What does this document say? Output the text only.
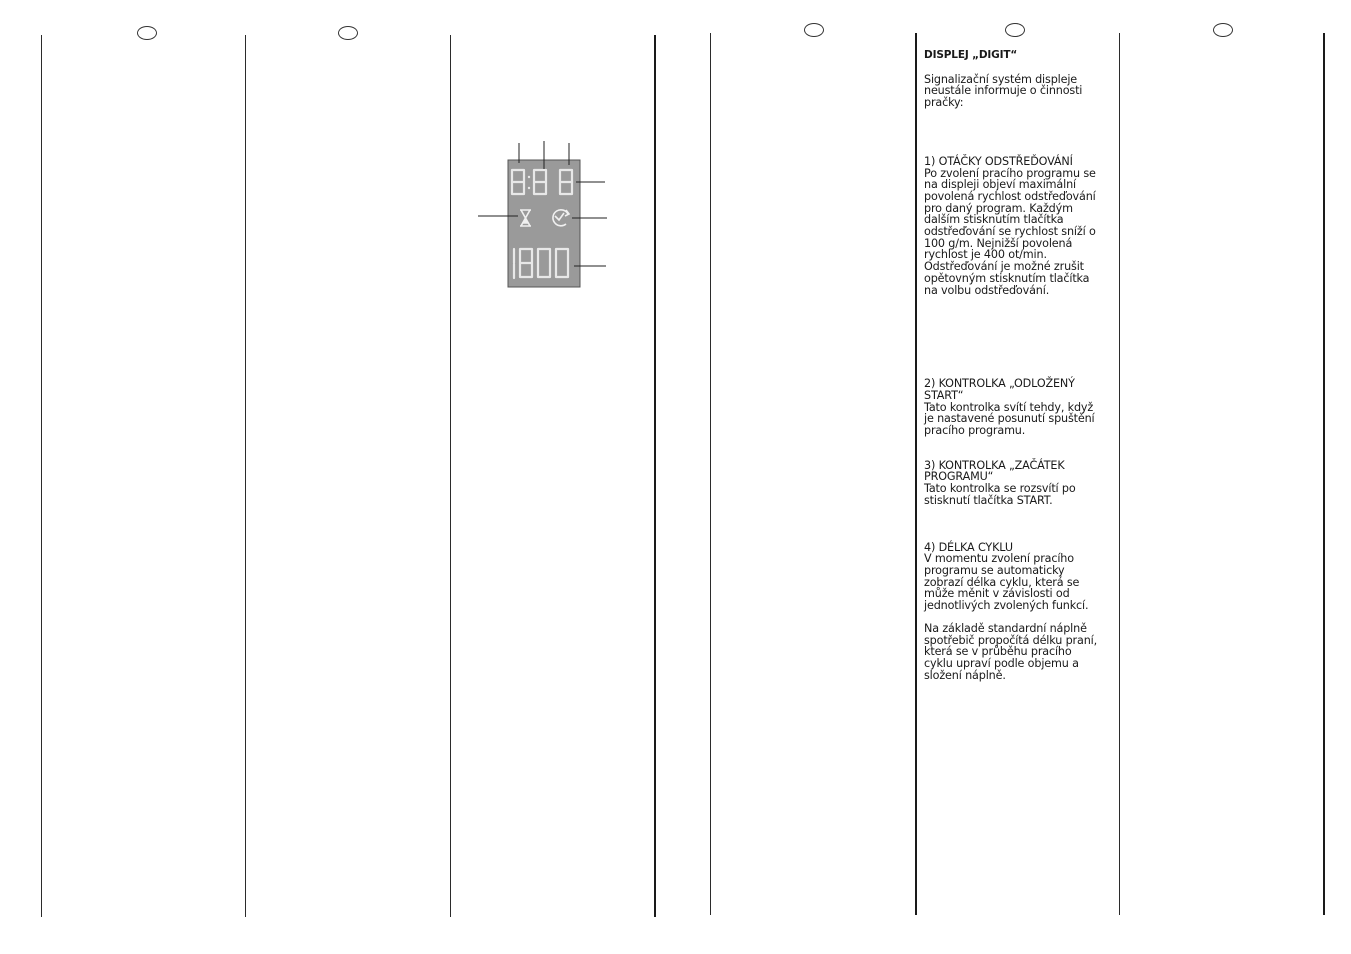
DISPLEJ „DIGIT“

Signalizační systém displeje
neustále informuje o činnosti
pračky:

1) OTÁČKY ODSTŘEĎOVÁNÍ

Po zvolení pracího programu se
na displeji objeví maximální
povolená rychlost odstřeďování
pro daný program. Každým
dalším stisknutím tlačítka
odstřeďování se rychlost sníží o
100 g/m. Nejnižší povolená
rychlost je 400 ot/min.
Odstřeďování je možné zrušit
opětovným stisknutím tlačítka
na volbu odstřeďování.

2) KONTROLKA „ODLOŽENÝ
START“

Tato kontrolka svítí tehdy, když
je nastavené posunutí spuštění
pracího programu.

3) KONTROLKA „ZAČÁTEK
PROGRAMU“

Tato kontrolka se rozsvítí po
stisknutí tlačítka START.

4) DÉLKA CYKLU

V momentu zvolení pracího
programu se automaticky
zobrazí délka cyklu, která se
může měnit v závislosti od
jednotlivých zvolených funkcí.

Na základě standardní náplně
spotřebič propočítá délku praní,
která se v průběhu pracího
cyklu upraví podle objemu a
složení náplně.
